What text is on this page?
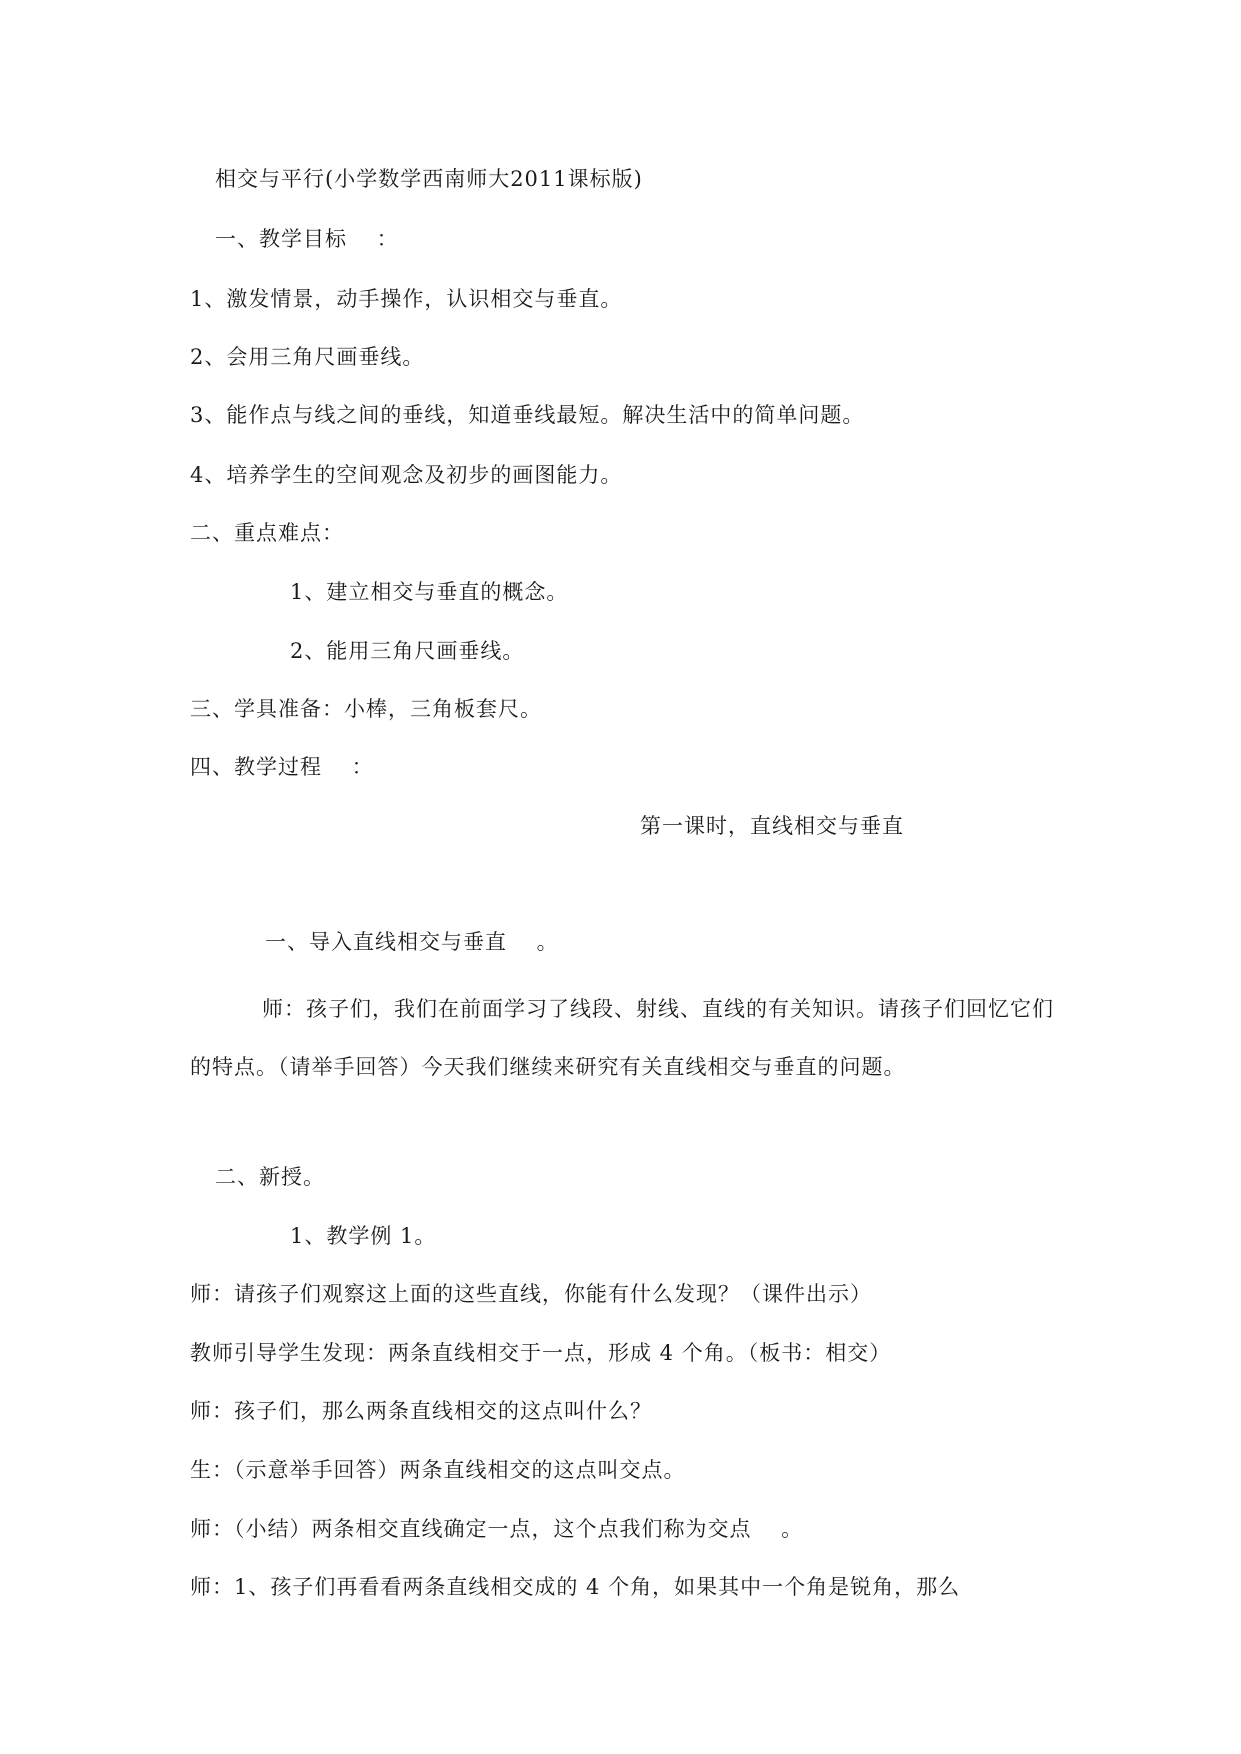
相交与平行(小学数学西南师大2011课标版)
一、教学目标　 ：
1、激发情景，动手操作，认识相交与垂直。
2、会用三角尺画垂线。
3、能作点与线之间的垂线，知道垂线最短。解决生活中的简单问题。
4、培养学生的空间观念及初步的画图能力。
二、重点难点：
1、建立相交与垂直的概念。
2、能用三角尺画垂线。
三、学具准备：小棒，三角板套尺。
四、教学过程　 ：
第一课时，直线相交与垂直
一、导入直线相交与垂直　 。
师：孩子们，我们在前面学习了线段、射线、直线的有关知识。请孩子们回忆它们的特点。（请举手回答）今天我们继续来研究有关直线相交与垂直的问题。
二、新授。
1、教学例 1。
师：请孩子们观察这上面的这些直线，你能有什么发现？（课件出示）
教师引导学生发现：两条直线相交于一点，形成 4 个角。（板书：相交）
师：孩子们，那么两条直线相交的这点叫什么？
生：（示意举手回答）两条直线相交的这点叫交点。
师：（小结）两条相交直线确定一点，这个点我们称为交点　 。
师：1、孩子们再看看两条直线相交成的 4 个角，如果其中一个角是锐角，那么
